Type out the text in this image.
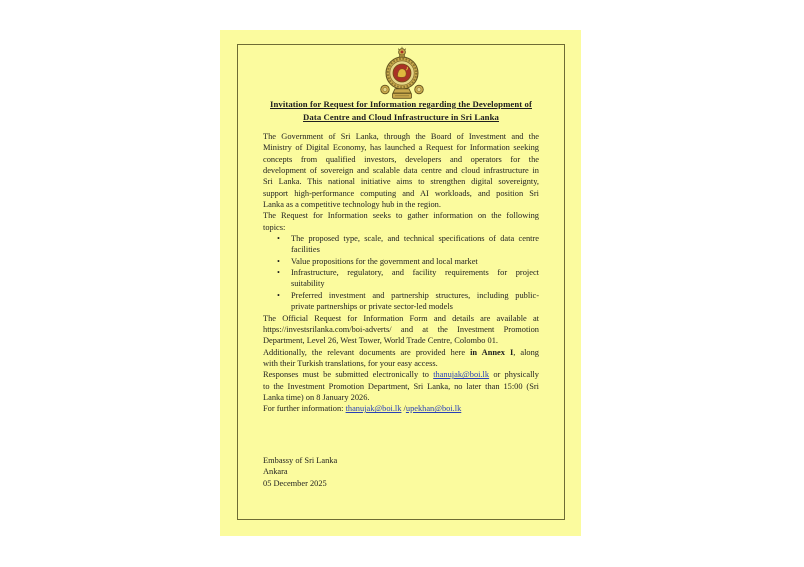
Invitation for Request for Information regarding the Development of
Data Centre and Cloud Infrastructure in Sri Lanka
The Government of Sri Lanka, through the Board of Investment and the
Ministry of Digital Economy, has launched a Request for Information seeking
concepts from qualified investors, developers and operators for the
development of sovereign and scalable data centre and cloud infrastructure in
Sri Lanka. This national initiative aims to strengthen digital sovereignty,
support high-performance computing and AI workloads, and position Sri
Lanka as a competitive technology hub in the region.
The Request for Information seeks to gather information on the following
topics:
• The proposed type, scale, and technical specifications of data centre
facilities
• Value propositions for the government and local market
• Infrastructure, regulatory, and facility requirements for project
suitability
• Preferred investment and partnership structures, including public-
private partnerships or private sector-led models
The Official Request for Information Form and details are available at
https://investsrilanka.com/boi-adverts/ and at the Investment Promotion
Department, Level 26, West Tower, World Trade Centre, Colombo 01.
Additionally, the relevant documents are provided here in Annex I, along
with their Turkish translations, for your easy access.
Responses must be submitted electronically to thanujak@boi.lk or physically
to the Investment Promotion Department, Sri Lanka, no later than 15:00 (Sri
Lanka time) on 8 January 2026.
For further information: thanujak@boi.lk /upekhan@boi.lk
Embassy of Sri Lanka
Ankara
05 December 2025
